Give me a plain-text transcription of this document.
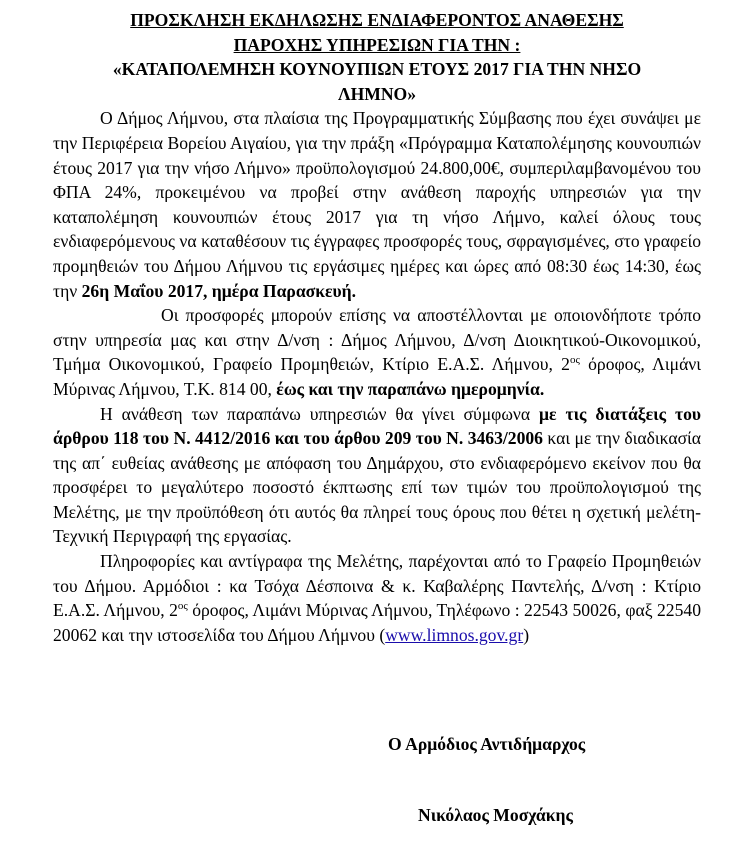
ΠΡΟΣΚΛΗΣΗ ΕΚΔΗΛΩΣΗΣ ΕΝΔΙΑΦΕΡΟΝΤΟΣ ΑΝΑΘΕΣΗΣ
ΠΑΡΟΧΗΣ ΥΠΗΡΕΣΙΩΝ ΓΙΑ ΤΗΝ :
«ΚΑΤΑΠΟΛΕΜΗΣΗ ΚΟΥΝΟΥΠΙΩΝ ΕΤΟΥΣ 2017 ΓΙΑ ΤΗΝ ΝΗΣΟ
ΛΗΜΝΟ»

Ο Δήμος Λήμνου, στα πλαίσια της Προγραμματικής Σύμβασης που έχει συνάψει με την Περιφέρεια Βορείου Αιγαίου, για την πράξη «Πρόγραμμα Καταπολέμησης κουνουπιών έτους 2017 για την νήσο Λήμνο» προϋπολογισμού 24.800,00€, συμπεριλαμβανομένου του ΦΠΑ 24%, προκειμένου να προβεί στην ανάθεση παροχής υπηρεσιών για την καταπολέμηση κουνουπιών έτους 2017 για τη νήσο Λήμνο, καλεί όλους τους ενδιαφερόμενους να καταθέσουν τις έγγραφες προσφορές τους, σφραγισμένες, στο γραφείο προμηθειών του Δήμου Λήμνου τις εργάσιμες ημέρες και ώρες από 08:30 έως 14:30, έως την 26η Μαΐου 2017, ημέρα Παρασκευή.

Οι προσφορές μπορούν επίσης να αποστέλλονται με οποιονδήποτε τρόπο στην υπηρεσία μας και στην Δ/νση : Δήμος Λήμνου, Δ/νση Διοικητικού-Οικονομικού, Τμήμα Οικονομικού, Γραφείο Προμηθειών, Κτίριο Ε.Α.Σ. Λήμνου, $2^{o\varsigma}$ όροφος, Λιμάνι Μύρινας Λήμνου, Τ.Κ. 814 00, έως και την παραπάνω ημερομηνία.

Η ανάθεση των παραπάνω υπηρεσιών θα γίνει σύμφωνα με τις διατάξεις του άρθρου 118 του Ν. 4412/2016 και του άρθου 209 του Ν. 3463/2006 και με την διαδικασία της απ΄ ευθείας ανάθεσης με απόφαση του Δημάρχου, στο ενδιαφερόμενο εκείνον που θα προσφέρει το μεγαλύτερο ποσοστό έκπτωσης επί των τιμών του προϋπολογισμού της Μελέτης, με την προϋπόθεση ότι αυτός θα πληρεί τους όρους που θέτει η σχετική μελέτη-Τεχνική Περιγραφή της εργασίας.

Πληροφορίες και αντίγραφα της Μελέτης, παρέχονται από το Γραφείο Προμηθειών του Δήμου. Αρμόδιοι : κα Τσόχα Δέσποινα & κ. Καβαλέρης Παντελής, Δ/νση : Κτίριο Ε.Α.Σ. Λήμνου, $2^{o\varsigma}$ όροφος, Λιμάνι Μύρινας Λήμνου, Τηλέφωνο : 22543 50026, φαξ 22540 20062 και την ιστοσελίδα του Δήμου Λήμνου (www.limnos.gov.gr)

Ο Αρμόδιος Αντιδήμαρχος
Νικόλαος Μοσχάκης
